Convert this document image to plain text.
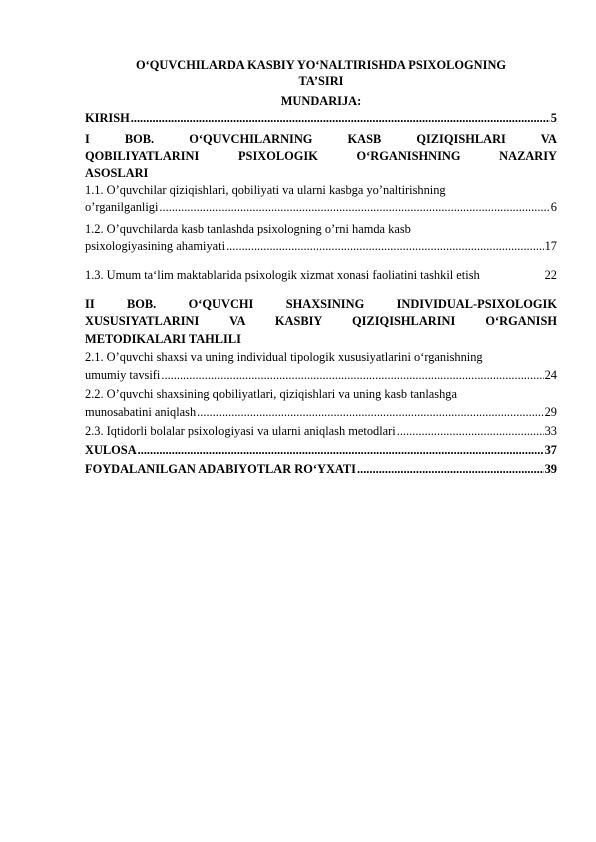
O‘QUVCHILARDA KASBIY YO‘NALTIRISHDA PSIXOLOGNING
TA’SIRI
MUNDARIJA:
KIRISH .....	5
I BOB. O‘QUVCHILARNING KASB QIZIQISHLARI VA
QOBILIYATLARINI PSIXOLOGIK O‘RGANISHNING NAZARIY
ASOSLARI
1.1. O’quvchilar qiziqishlari, qobiliyati va ularni kasbga yo’naltirishning
o’rganilganligi .....	6
1.2. O’quvchilarda kasb tanlashda psixologning o’rni hamda kasb
psixologiyasining ahamiyati .....	17
1.3. Umum ta‘lim maktablarida psixologik xizmat xonasi faoliatini tashkil etish	22
II BOB. O‘QUVCHI SHAXSINING INDIVIDUAL-PSIXOLOGIK
XUSUSIYATLARINI VA KASBIY QIZIQISHLARINI O‘RGANISH
METODIKALARI TAHLILI
2.1. O’quvchi shaxsi va uning individual tipologik xususiyatlarini o‘rganishning
umumiy tavsifi .....	24
2.2. O’quvchi shaxsining qobiliyatlari, qiziqishlari va uning kasb tanlashga
munosabatini aniqlash .....	29
2.3. Iqtidorli bolalar psixologiyasi va ularni aniqlash metodlari .....	33
XULOSA .....	37
FOYDALANILGAN ADABIYOTLAR RO‘YXATI .....	39
